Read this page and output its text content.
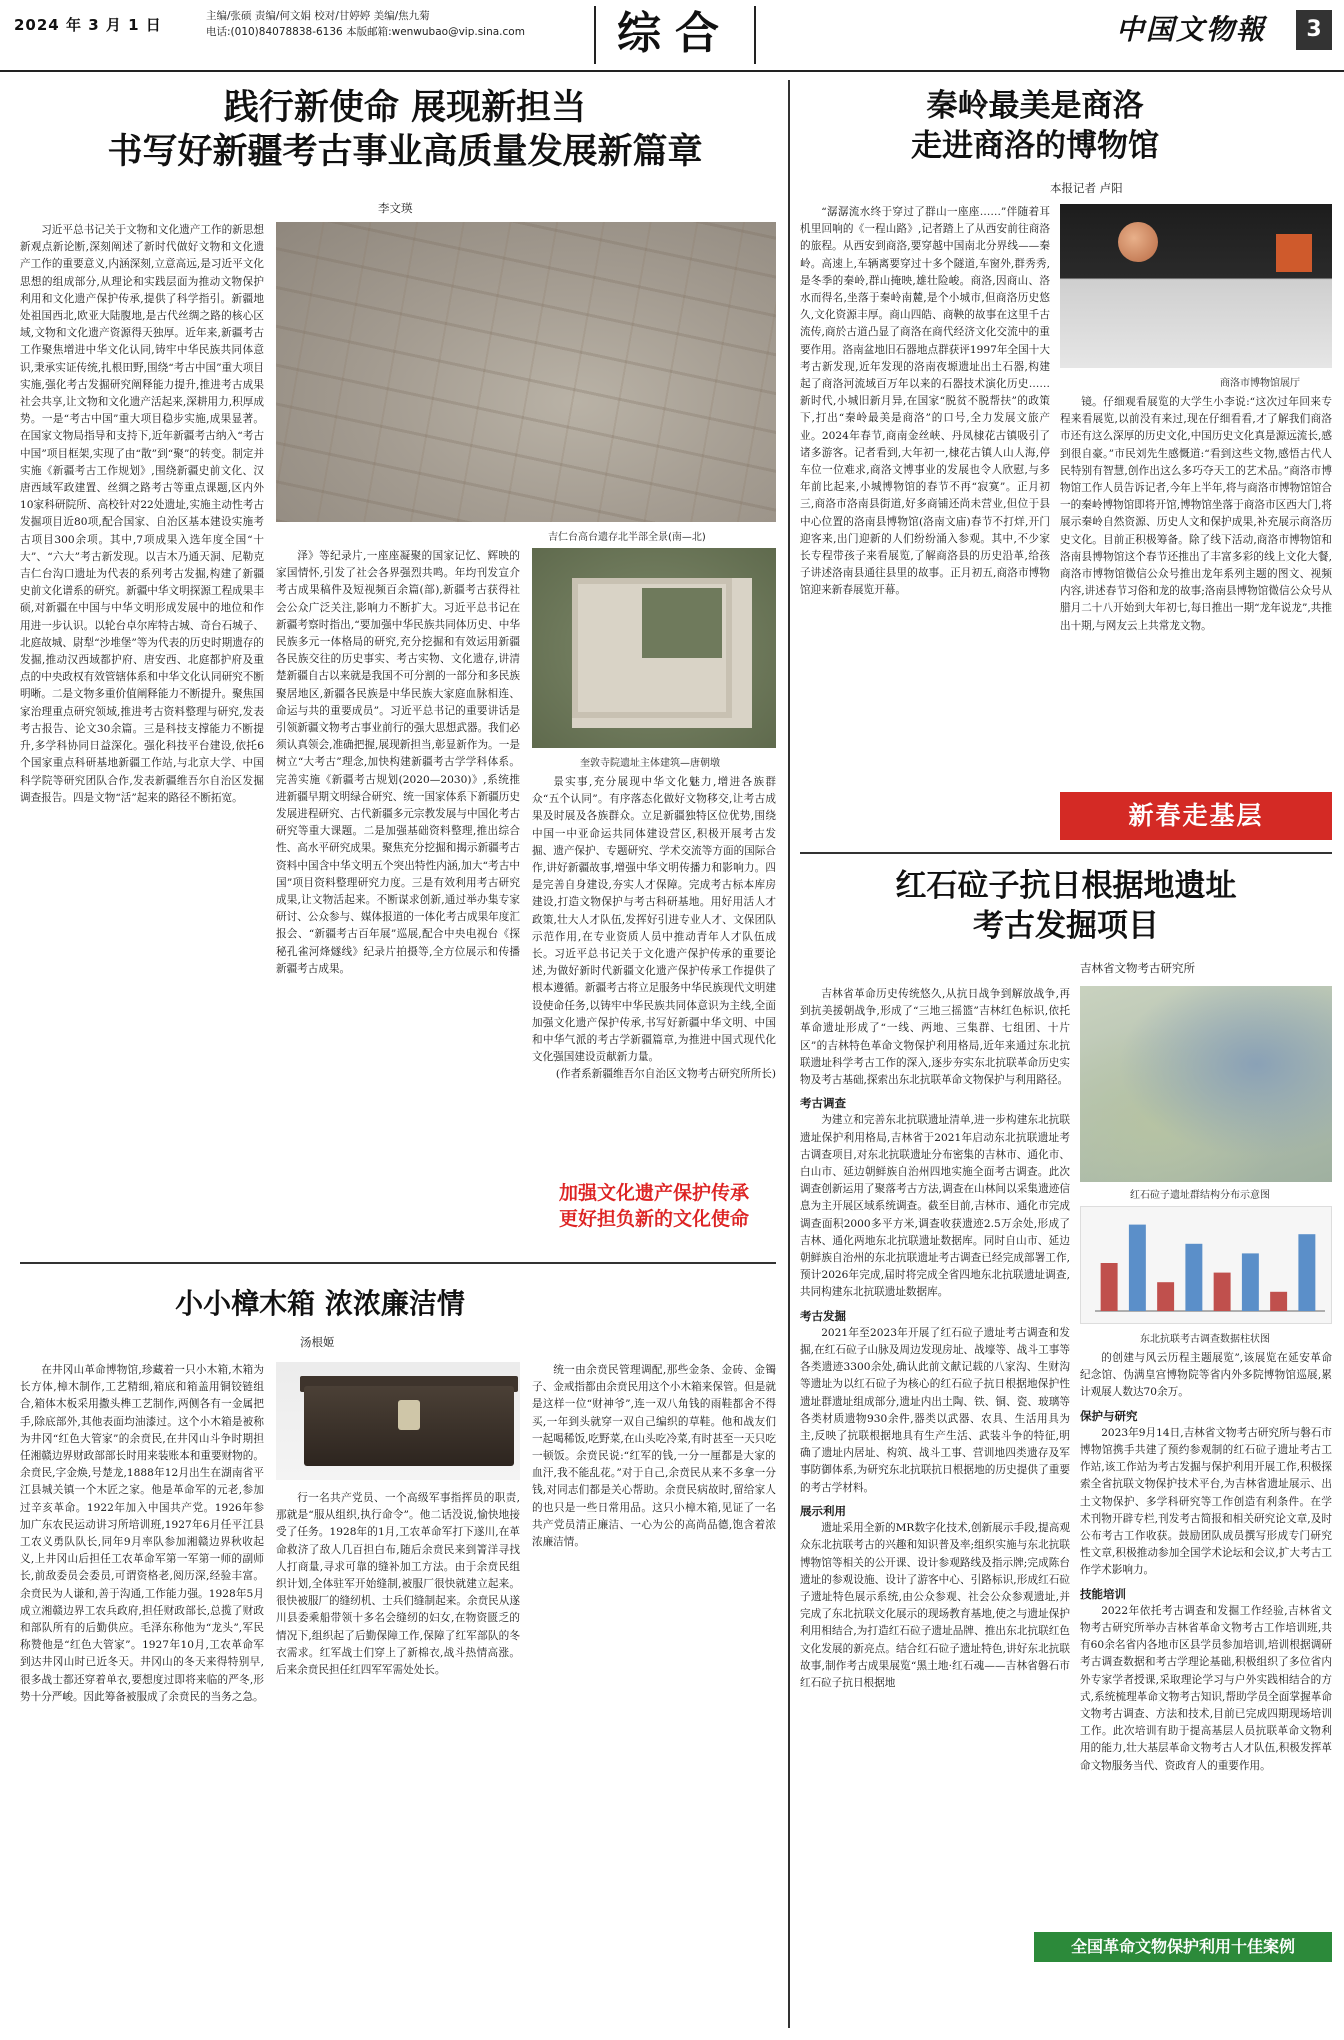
2024 年 3 月 1 日	主编/张硕 责编/何文娟 校对/甘婷婷 美编/焦九菊
电话:(010)84078838-6136 本版邮箱:wenwubao@vip.sina.com 综合	中国文物報	3
践行新使命 展现新担当
书写好新疆考古事业高质量发展新篇章
李文瑛

习近平总书记关于文物和文化遗产工作的新思想新观点新论断,深刻阐述了新时代做好文物和文化遗产工作的重要意义,内涵深刻,立意高远,是习近平文化思想的组成部分,从理论和实践层面为推动文物保护利用和文化遗产保护传承,提供了科学指引。新疆地处祖国西北,欧亚大陆腹地,是古代丝绸之路的核心区域,文物和文化遗产资源得天独厚。近年来,新疆考古工作聚焦增进中华文化认同,铸牢中华民族共同体意识,秉承实证传统,扎根田野,围绕“考古中国”重大项目实施,强化考古发掘研究阐释能力提升,推进考古成果社会共享,让文物和文化遗产活起来,深耕用力,积厚成势。一是“考古中国”重大项目稳步实施,成果显著。在国家文物局指导和支持下,近年新疆考古纳入“考古中国”项目框架,实现了由“散”到“聚”的转变。制定并实施《新疆考古工作规划》,围绕新疆史前文化、汉唐西域军政建置、丝绸之路考古等重点课题,区内外10家科研院所、高校针对22处遗址,实施主动性考古发掘项目近80项,配合国家、自治区基本建设实施考古项目300余项。其中,7项成果入选年度全国“十大”、“六大”考古新发现。以吉木乃通天洞、尼勒克吉仁台沟口遗址为代表的系列考古发掘,构建了新疆史前文化谱系的研究。新疆中华文明探源工程成果丰硕,对新疆在中国与中华文明形成发展中的地位和作用进一步认识。以轮台卓尔库特古城、奇台石城子、北庭故城、尉犁“沙堆堡”等为代表的历史时期遗存的发掘,推动汉西域都护府、唐安西、北庭都护府及重点的中央政权有效管辖体系和中华文化认同研究不断明晰。二是文物多重价值阐释能力不断提升。聚焦国家治理重点研究领域,推进考古资料整理与研究,发表考古报告、论文30余篇。三是科技支撑能力不断提升,多学科协同日益深化。强化科技平台建设,依托6个国家重点科研基地新疆工作站,与北京大学、中国科学院等研究团队合作,发表新疆维吾尔自治区发掘调查报告。四是文物“活”起来的路径不断拓宽。

吉仁台高台遗存北半部全景(南—北)

泽》等纪录片,一座座凝聚的国家记忆、辉映的家国情怀,引发了社会各界强烈共鸣。年均刊发宣介考古成果稿件及短视频百余篇(部),新疆考古获得社会公众广泛关注,影响力不断扩大。习近平总书记在新疆考察时指出,“要加强中华民族共同体历史、中华民族多元一体格局的研究,充分挖掘和有效运用新疆各民族交往的历史事实、考古实物、文化遗存,讲清楚新疆自古以来就是我国不可分割的一部分和多民族聚居地区,新疆各民族是中华民族大家庭血脉相连、命运与共的重要成员”。习近平总书记的重要讲话是引领新疆文物考古事业前行的强大思想武器。我们必须认真领会,准确把握,展现新担当,彰显新作为。一是树立“大考古”理念,加快构建新疆考古学学科体系。完善实施《新疆考古规划(2020—2030)》,系统推进新疆早期文明绿合研究、统一国家体系下新疆历史发展进程研究、古代新疆多元宗教发展与中国化考古研究等重大课题。二是加强基础资料整理,推出综合性、高水平研究成果。聚焦充分挖掘和揭示新疆考古资料中国含中华文明五个突出特性内涵,加大“考古中国”项目资料整理研究力度。三是有效利用考古研究成果,让文物活起来。不断谋求创新,通过举办集专家研讨、公众参与、媒体报道的一体化考古成果年度汇报会、“新疆考古百年展”巡展,配合中央电视台《探秘孔雀河烽燧线》纪录片拍摄等,全方位展示和传播新疆考古成果。

奎敦寺院遗址主体建筑—唐朝墩

景实事,充分展现中华文化魅力,增进各族群众“五个认同”。有序落态化做好文物移交,让考古成果及时展及各族群众。立足新疆独特区位优势,围绕中国一中亚命运共同体建设营区,积极开展考古发掘、遗产保护、专题研究、学术交流等方面的国际合作,讲好新疆故事,增强中华文明传播力和影响力。四是完善自身建设,夯实人才保障。完成考古标本库房建设,打造文物保护与考古科研基地。用好用活人才政策,壮大人才队伍,发挥好引进专业人才、文保团队示范作用,在专业资质人员中推动青年人才队伍成长。习近平总书记关于文化遗产保护传承的重要论述,为做好新时代新疆文化遗产保护传承工作提供了根本遵循。新疆考古将立足服务中华民族现代文明建设使命任务,以铸牢中华民族共同体意识为主线,全面加强文化遗产保护传承,书写好新疆中华文明、中国和中华气派的考古学新疆篇章,为推进中国式现代化文化强国建设贡献新力量。

(作者系新疆维吾尔自治区文物考古研究所所长)

加强文化遗产保护传承
更好担负新的文化使命
小小樟木箱 浓浓廉洁情
汤根姬

在井冈山革命博物馆,珍藏着一只小木箱,木箱为长方体,樟木制作,工艺精细,箱底和箱盖用铜铰链组合,箱体木板采用撒头榫工艺制作,两侧各有一金属把手,除底部外,其他表面均油漆过。这个小木箱是被称为井冈“红色大管家”的余贲民,在井冈山斗争时期担任湘赣边界财政部部长时用来装账本和重要财物的。余贲民,字金焕,号楚龙,1888年12月出生在湖南省平江县城关镇一个木匠之家。他是革命军的元老,参加过辛亥革命。1922年加入中国共产党。1926年参加广东农民运动讲习所培训班,1927年6月任平江县工农义勇队队长,同年9月率队参加湘赣边界秋收起义,上井冈山后担任工农革命军第一军第一师的副师长,前敌委员会委员,可谓资格老,阅历深,经验丰富。余贲民为人谦和,善于沟通,工作能力强。1928年5月成立湘赣边界工农兵政府,担任财政部长,总揽了财政和部队所有的后勤供应。毛泽东称他为“龙头”,军民称赞他是“红色大管家”。1927年10月,工农革命军到达井冈山时已近冬天。井冈山的冬天来得特别早,很多战士都还穿着单衣,要想度过即将来临的严冬,形势十分严峻。因此筹备被服成了余贲民的当务之急。

行一名共产党员、一个高级军事指挥员的职责,那就是“服从组织,执行命令”。他二话没说,愉快地接受了任务。1928年的1月,工农革命军打下遂川,在革命救济了敌人几百担白布,随后余贲民来到箐洋寻找人打商量,寻求可靠的缝补加工方法。由于余贲民组织计划,全体驻军开始缝制,被服厂很快就建立起来。很快被服厂的缝纫机、士兵们缝制起来。余贲民从遂川县委乘船带领十多名会缝纫的妇女,在物资匮乏的情况下,组织起了后勤保障工作,保障了红军部队的冬衣需求。红军战士们穿上了新棉衣,战斗热情高涨。后来余贲民担任红四军军需处处长。

统一由余贲民管理调配,那些金条、金砖、金镯子、金戒指都由余贲民用这个小木箱来保管。但是就是这样一位“财神爷”,连一双八角钱的雨鞋都舍不得买,一年到头就穿一双自己编织的草鞋。他和战友们一起喝稀饭,吃野菜,在山头吃冷菜,有时甚至一天只吃一顿饭。余贲民说:“红军的钱,一分一厘都是大家的血汗,我不能乱花。”对于自己,余贲民从来不多拿一分钱,对同志们都是关心帮助。余贲民病故时,留给家人的也只是一些日常用品。这只小樟木箱,见证了一名共产党员清正廉洁、一心为公的高尚品德,饱含着浓浓廉洁情。

秦岭最美是商洛
走进商洛的博物馆
本报记者 卢阳

“潺潺流水终于穿过了群山一座座……”伴随着耳机里回响的《一程山路》,记者踏上了从西安前往商洛的旅程。从西安到商洛,要穿越中国南北分界线——秦岭。高速上,车辆离要穿过十多个隧道,车窗外,群秀秀,是冬季的秦岭,群山掩映,雄壮险峻。商洛,因商山、洛水而得名,坐落于秦岭南麓,是个小城市,但商洛历史悠久,文化资源丰厚。商山四皓、商鞅的故事在这里千古流传,商於古道凸显了商洛在商代经济文化交流中的重要作用。洛南盆地旧石器地点群获评1997年全国十大考古新发现,近年发现的洛南夜塬遗址出土石器,构建起了商洛河流域百万年以来的石器技术演化历史……新时代,小城旧新月异,在国家“脱贫不脱帮扶”的政策下,打出“秦岭最美是商洛”的口号,全力发展文旅产业。2024年春节,商南金丝峡、丹凤棣花古镇吸引了诸多游客。记者看到,大年初一,棣花古镇人山人海,停车位一位难求,商洛文博事业的发展也令人欣慰,与多年前比起来,小城博物馆的春节不再“寂寞”。正月初三,商洛市洛南县街道,好多商铺还尚未营业,但位于县中心位置的洛南县博物馆(洛南文庙)春节不打烊,开门迎客来,出门迎新的人们纷纷涌入参观。其中,不少家长专程带孩子来看展览,了解商洛县的历史沿革,给孩子讲述洛南县通往县里的故事。正月初五,商洛市博物馆迎来新春展览开幕。

商洛市博物馆展厅

镜。仔细观看展览的大学生小李说:“这次过年回来专程来看展览,以前没有来过,现在仔细看看,才了解我们商洛市还有这么深厚的历史文化,中国历史文化真是源远流长,感到很自豪。”市民刘先生感慨道:“看到这些文物,感悟古代人民特别有智慧,创作出这么多巧夺天工的艺术品。”商洛市博物馆工作人员告诉记者,今年上半年,将与商洛市博物馆馆合一的秦岭博物馆即将开馆,博物馆坐落于商洛市区西大门,将展示秦岭自然资源、历史人文和保护成果,补充展示商洛历史文化。目前正积极筹备。除了线下活动,商洛市博物馆和洛南县博物馆这个春节还推出了丰富多彩的线上文化大餐,商洛市博物馆微信公众号推出龙年系列主题的图文、视频内容,讲述春节习俗和龙的故事;洛南县博物馆微信公众号从腊月二十八开始到大年初七,每日推出一期“龙年说龙”,共推出十期,与网友云上共常龙文物。

新春走基层
红石砬子抗日根据地遗址
考古发掘项目
吉林省文物考古研究所

吉林省革命历史传统悠久,从抗日战争到解放战争,再到抗美援朝战争,形成了“三地三摇篮”吉林红色标识,依托革命遗址形成了“一线、两地、三集群、七组团、十片区”的吉林特色革命文物保护利用格局,近年来通过东北抗联遗址科学考古工作的深入,逐步夯实东北抗联革命历史实物及考古基础,探索出东北抗联革命文物保护与利用路径。

考古调查

为建立和完善东北抗联遗址清单,进一步构建东北抗联遗址保护利用格局,吉林省于2021年启动东北抗联遗址考古调查项目,对东北抗联遗址分布密集的吉林市、通化市、白山市、延边朝鲜族自治州四地实施全面考古调查。此次调查创新运用了聚落考古方法,调查在山林间以采集遗迹信息为主开展区域系统调查。截至目前,吉林市、通化市完成调查面积2000多平方米,调查收获遗迹2.5万余处,形成了吉林、通化两地东北抗联遗址数据库。同时自山市、延边朝鲜族自治州的东北抗联遗址考古调查已经完成部署工作,预计2026年完成,届时将完成全省四地东北抗联遗址调查,共同构建东北抗联遗址数据库。

考古发掘

2021年至2023年开展了红石砬子遗址考古调查和发掘,在红石砬子山脉及周边发现房址、战壕等、战斗工事等各类遗迹3300余处,确认此前文献记载的八家沟、生财沟等遗址为以红石砬子为核心的红石砬子抗日根据地保护性遗址群遗址组成部分,遗址内出土陶、铁、铜、瓷、玻璃等各类材质遗物930余件,器类以武器、农具、生活用具为主,反映了抗联根据地具有生产生活、武装斗争的特征,明确了遗址内居址、构筑、战斗工事、营训地四类遗存及军事防御体系,为研究东北抗联抗日根据地的历史提供了重要的考古学材料。

展示利用

遗址采用全新的MR数字化技术,创新展示手段,提高观众东北抗联考古的兴趣和知识普及率;组织实施与东北抗联博物馆等相关的公开课、设计参观路线及指示牌;完成陈台遗址的参观设施、设计了游客中心、引路标识,形成红石砬子遗址特色展示系统,由公众参观、社会公众参观遗址,并完成了东北抗联文化展示的现场教育基地,使之与遗址保护利用相结合,为打造红石砬子遗址品牌、推出东北抗联红色文化发展的新亮点。结合红石砬子遗址特色,讲好东北抗联故事,制作考古成果展览“黑土地·红石魂——吉林省磐石市红石砬子抗日根据地

红石砬子遗址群结构分布示意图
东北抗联考古调查数据柱状图

的创建与风云历程主题展览”,该展览在延安革命纪念馆、伪满皇宫博物院等省内外多院博物馆巡展,累计观展人数达70余万。

保护与研究

2023年9月14日,吉林省文物考古研究所与磐石市博物馆携手共建了预约参观制的红石砬子遗址考古工作站,该工作站为考古发掘与保护利用开展工作,积极探索全省抗联文物保护技术平台,为吉林省遗址展示、出土文物保护、多学科研究等工作创造有利条件。在学术刊物开辟专栏,刊发考古简报和相关研究论文章,及时公布考古工作收获。鼓励团队成员撰写形成专门研究性文章,积极推动参加全国学术论坛和会议,扩大考古工作学术影响力。

技能培训

2022年依托考古调查和发掘工作经验,吉林省文物考古研究所举办吉林省革命文物考古工作培训班,共有60余名省内各地市区县学员参加培训,培训根据调研考古调查数据和考古学理论基础,积极组织了多位省内外专家学者授课,采取理论学习与户外实践相结合的方式,系统梳理革命文物考古知识,帮助学员全面掌握革命文物考古调查、方法和技术,目前已完成四期现场培训工作。此次培训有助于提高基层人员抗联革命文物利用的能力,壮大基层革命文物考古人才队伍,积极发挥革命文物服务当代、资政育人的重要作用。

全国革命文物保护利用十佳案例
